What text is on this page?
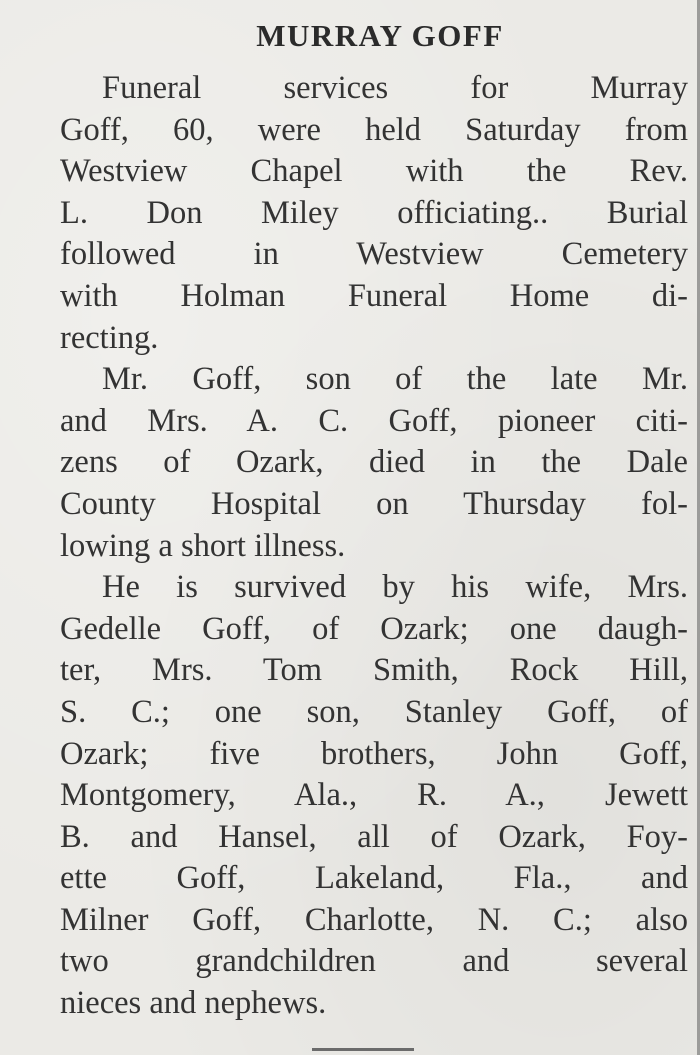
MURRAY GOFF
Funeral services for Murray
Goff, 60, were held Saturday from
Westview Chapel with the Rev.
L. Don Miley officiating.. Burial
followed in Westview Cemetery
with Holman Funeral Home di-
recting.
Mr. Goff, son of the late Mr.
and Mrs. A. C. Goff, pioneer citi-
zens of Ozark, died in the Dale
County Hospital on Thursday fol-
lowing a short illness.
He is survived by his wife, Mrs.
Gedelle Goff, of Ozark; one daugh-
ter, Mrs. Tom Smith, Rock Hill,
S. C.; one son, Stanley Goff, of
Ozark; five brothers, John Goff,
Montgomery, Ala., R. A., Jewett
B. and Hansel, all of Ozark, Foy-
ette Goff, Lakeland, Fla., and
Milner Goff, Charlotte, N. C.; also
two grandchildren and several
nieces and nephews.
